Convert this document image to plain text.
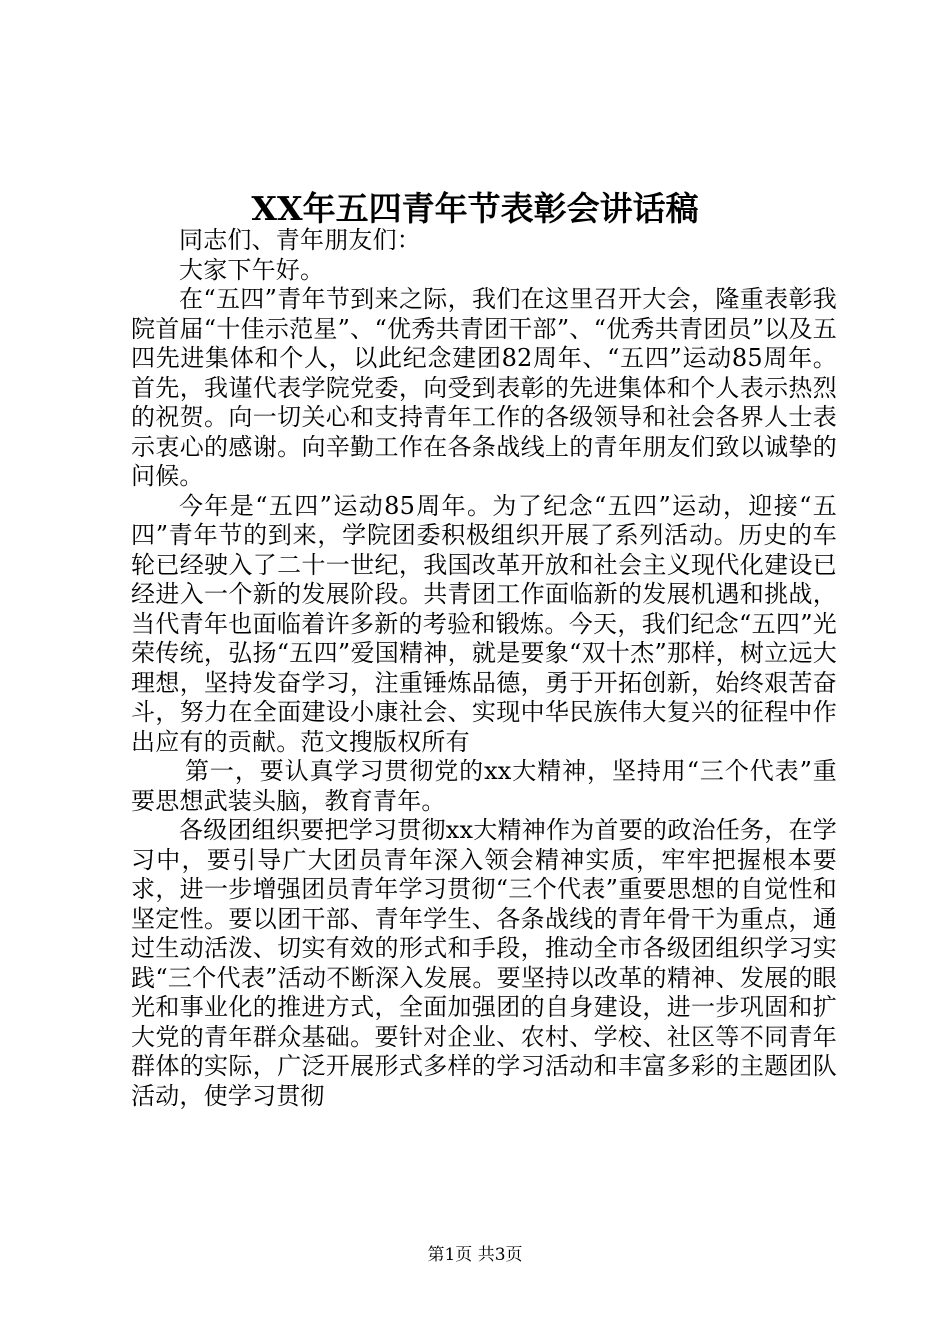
XX年五四青年节表彰会讲话稿

同志们、青年朋友们：

大家下午好。

在“五四”青年节到来之际，我们在这里召开大会，隆重表彰我院首届“十佳示范星”、“优秀共青团干部”、“优秀共青团员”以及五四先进集体和个人，以此纪念建团82周年、“五四”运动85周年。首先，我谨代表学院党委，向受到表彰的先进集体和个人表示热烈的祝贺。向一切关心和支持青年工作的各级领导和社会各界人士表示衷心的感谢。向辛勤工作在各条战线上的青年朋友们致以诚挚的问候。

今年是“五四”运动85周年。为了纪念“五四”运动，迎接“五四”青年节的到来，学院团委积极组织开展了系列活动。历史的车轮已经驶入了二十一世纪，我国改革开放和社会主义现代化建设已经进入一个新的发展阶段。共青团工作面临新的发展机遇和挑战，当代青年也面临着许多新的考验和锻炼。今天，我们纪念“五四”光荣传统，弘扬“五四”爱国精神，就是要象“双十杰”那样，树立远大理想，坚持发奋学习，注重锤炼品德，勇于开拓创新，始终艰苦奋斗，努力在全面建设小康社会、实现中华民族伟大复兴的征程中作出应有的贡献。范文搜版权所有

第一，要认真学习贯彻党的xx大精神，坚持用“三个代表”重要思想武装头脑，教育青年。

各级团组织要把学习贯彻xx大精神作为首要的政治任务，在学习中，要引导广大团员青年深入领会精神实质，牢牢把握根本要求，进一步增强团员青年学习贯彻“三个代表”重要思想的自觉性和坚定性。要以团干部、青年学生、各条战线的青年骨干为重点，通过生动活泼、切实有效的形式和手段，推动全市各级团组织学习实践“三个代表”活动不断深入发展。要坚持以改革的精神、发展的眼光和事业化的推进方式，全面加强团的自身建设，进一步巩固和扩大党的青年群众基础。要针对企业、农村、学校、社区等不同青年群体的实际，广泛开展形式多样的学习活动和丰富多彩的主题团队活动，使学习贯彻

第1页 共3页
